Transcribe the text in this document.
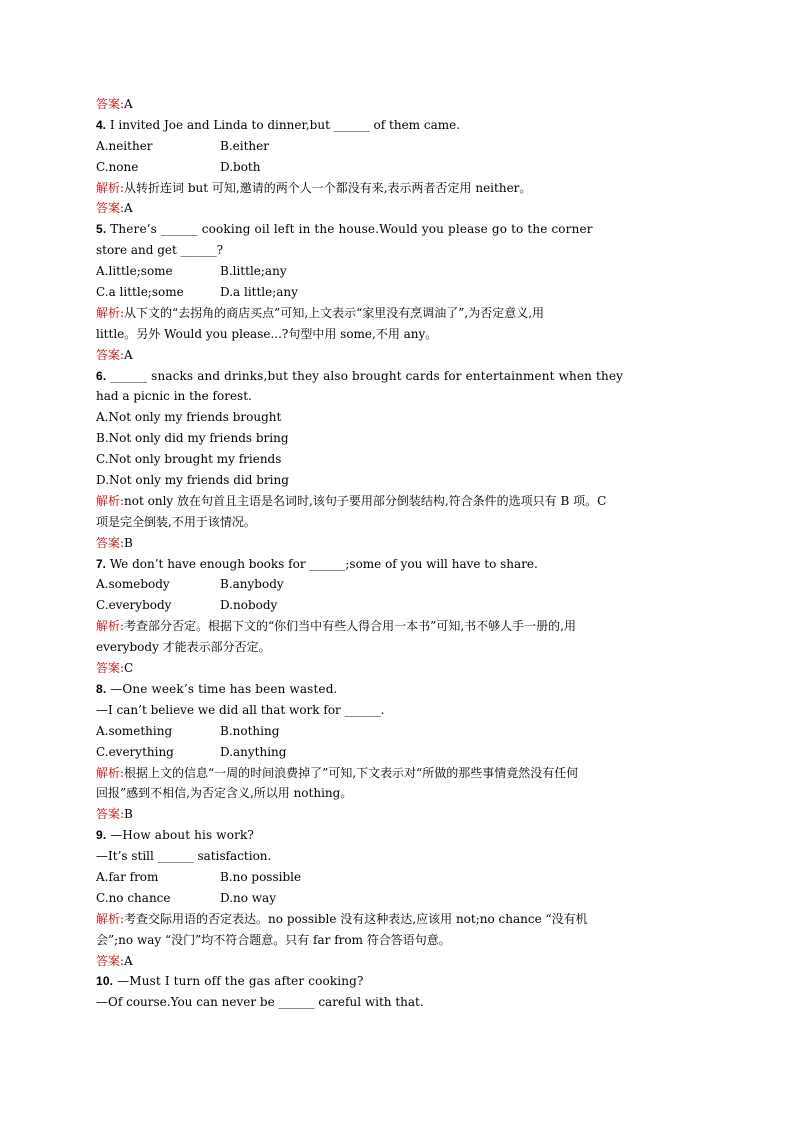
答案:A
4. I invited Joe and Linda to dinner,but ______ of them came.
A.neither	B.either
C.none	D.both
解析:从转折连词 but 可知,邀请的两个人一个都没有来,表示两者否定用 neither。
答案:A
5. There’s ______ cooking oil left in the house.Would you please go to the corner
store and get ______?
A.little;some	B.little;any
C.a little;some	D.a little;any
解析:从下文的“去拐角的商店买点”可知,上文表示“家里没有烹调油了”,为否定意义,用
little。另外 Would you please...?句型中用 some,不用 any。
答案:A
6. ______ snacks and drinks,but they also brought cards for entertainment when they
had a picnic in the forest.
A.Not only my friends brought
B.Not only did my friends bring
C.Not only brought my friends
D.Not only my friends did bring
解析:not only 放在句首且主语是名词时,该句子要用部分倒装结构,符合条件的选项只有 B 项。C
项是完全倒装,不用于该情况。
答案:B
7. We don’t have enough books for ______;some of you will have to share.
A.somebody	B.anybody
C.everybody	D.nobody
解析:考查部分否定。根据下文的“你们当中有些人得合用一本书”可知,书不够人手一册的,用
everybody 才能表示部分否定。
答案:C
8. —One week’s time has been wasted.
—I can’t believe we did all that work for ______.
A.something	B.nothing
C.everything	D.anything
解析:根据上文的信息“一周的时间浪费掉了”可知,下文表示对“所做的那些事情竟然没有任何
回报”感到不相信,为否定含义,所以用 nothing。
答案:B
9. —How about his work?
—It’s still ______ satisfaction.
A.far from	B.no possible
C.no chance	D.no way
解析:考查交际用语的否定表达。no possible 没有这种表达,应该用 not;no chance “没有机
会”;no way “没门”均不符合题意。只有 far from 符合答语句意。
答案:A
10. —Must I turn off the gas after cooking?
—Of course.You can never be ______ careful with that.
